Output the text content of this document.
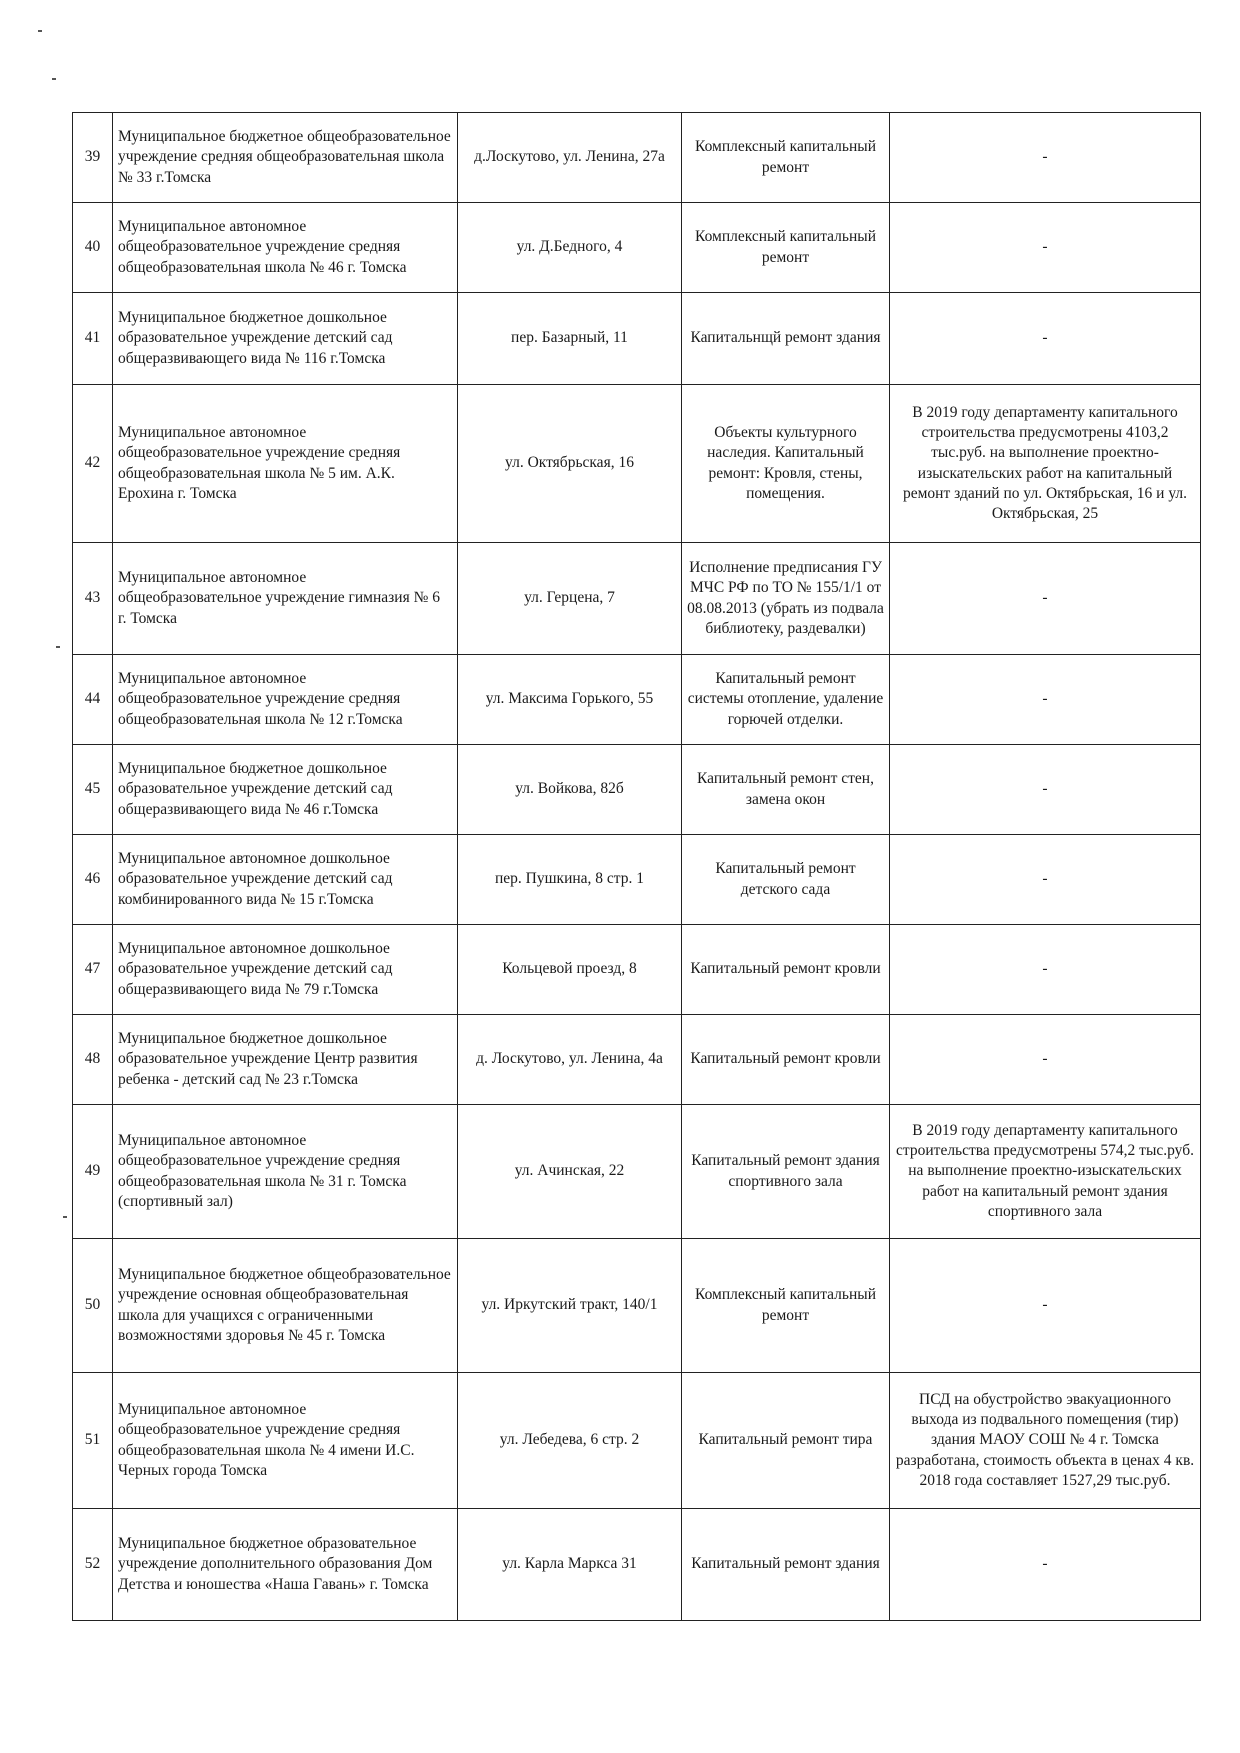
39	Муниципальное бюджетное общеобразовательное учреждение средняя общеобразовательная школа № 33 г.Томска	д.Лоскутово, ул. Ленина, 27а	Комплексный капитальный ремонт	-
40	Муниципальное автономное общеобразовательное учреждение средняя общеобразовательная школа № 46 г. Томска	ул. Д.Бедного, 4	Комплексный капитальный ремонт	-
41	Муниципальное бюджетное дошкольное образовательное учреждение детский сад общеразвивающего вида № 116 г.Томска	пер. Базарный, 11	Капитальнщй ремонт здания	-
42	Муниципальное автономное общеобразовательное учреждение средняя общеобразовательная школа № 5 им. А.К. Ерохина г. Томска	ул. Октябрьская, 16	Объекты культурного наследия. Капитальный ремонт: Кровля, стены, помещения.	В 2019 году департаменту капитального строительства предусмотрены 4103,2 тыс.руб. на выполнение проектно-изыскательских работ на капитальный ремонт зданий по ул. Октябрьская, 16 и ул. Октябрьская, 25
43	Муниципальное автономное общеобразовательное учреждение гимназия № 6 г. Томска	ул. Герцена, 7	Исполнение предписания ГУ МЧС РФ по ТО № 155/1/1 от 08.08.2013 (убрать из подвала библиотеку, раздевалки)	-
44	Муниципальное автономное общеобразовательное учреждение средняя общеобразовательная школа № 12 г.Томска	ул. Максима Горького, 55	Капитальный ремонт системы отопление, удаление горючей отделки.	-
45	Муниципальное бюджетное дошкольное образовательное учреждение детский сад общеразвивающего вида № 46 г.Томска	ул. Войкова, 82б	Капитальный ремонт стен, замена окон	-
46	Муниципальное автономное дошкольное образовательное учреждение детский сад комбинированного вида № 15 г.Томска	пер. Пушкина, 8 стр. 1	Капитальный ремонт детского сада	-
47	Муниципальное автономное дошкольное образовательное учреждение детский сад общеразвивающего вида № 79 г.Томска	Кольцевой проезд, 8	Капитальный ремонт кровли	-
48	Муниципальное бюджетное дошкольное образовательное учреждение Центр развития ребенка - детский сад № 23 г.Томска	д. Лоскутово, ул. Ленина, 4а	Капитальный ремонт кровли	-
49	Муниципальное автономное общеобразовательное учреждение средняя общеобразовательная школа № 31 г. Томска (спортивный зал)	ул. Ачинская, 22	Капитальный ремонт здания спортивного зала	В 2019 году департаменту капитального строительства предусмотрены 574,2 тыс.руб. на выполнение проектно-изыскательских работ на капитальный ремонт здания спортивного зала
50	Муниципальное бюджетное общеобразовательное учреждение основная общеобразовательная школа для учащихся с ограниченными возможностями здоровья № 45 г. Томска	ул. Иркутский тракт, 140/1	Комплексный капитальный ремонт	-
51	Муниципальное автономное общеобразовательное учреждение средняя общеобразовательная школа № 4 имени И.С. Черных города Томска	ул. Лебедева, 6 стр. 2	Капитальный ремонт тира	ПСД на обустройство эвакуационного выхода из подвального помещения (тир) здания МАОУ СОШ № 4 г. Томска разработана, стоимость объекта в ценах 4 кв. 2018 года составляет 1527,29 тыс.руб.
52	Муниципальное бюджетное образовательное учреждение дополнительного образования Дом Детства и юношества «Наша Гавань» г. Томска	ул. Карла Маркса 31	Капитальный ремонт здания	-
